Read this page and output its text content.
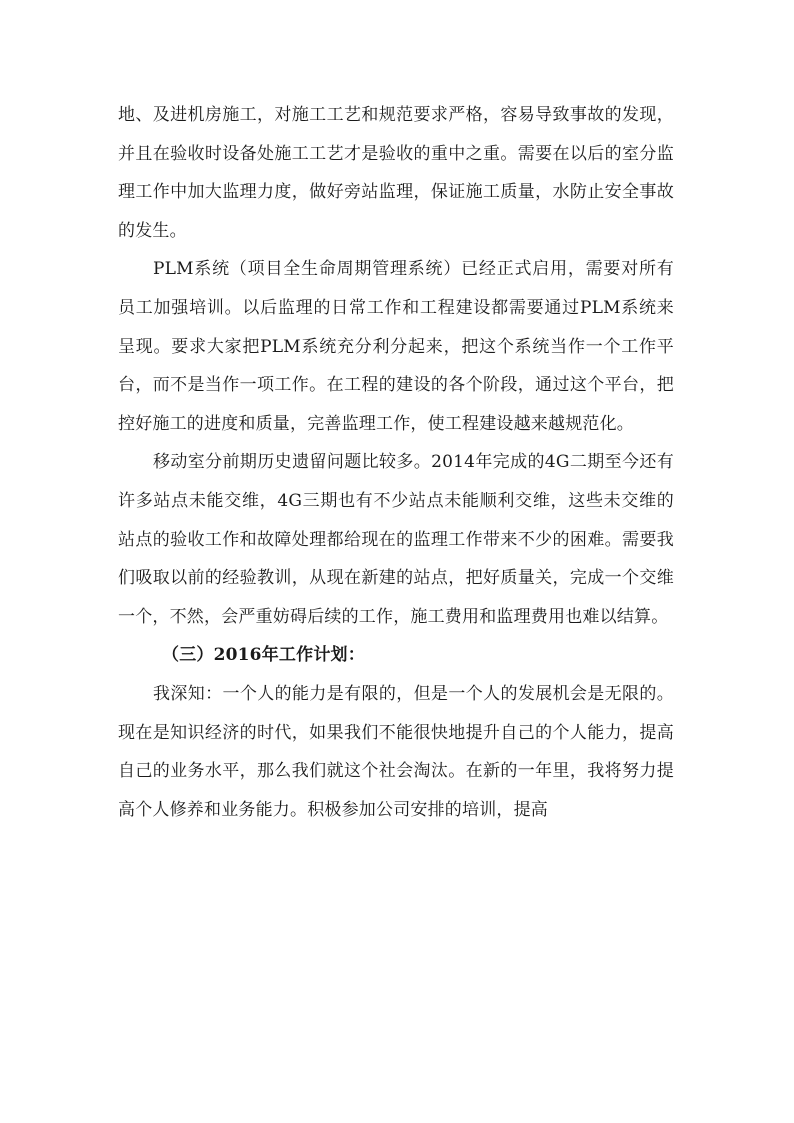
地、及进机房施工，对施工工艺和规范要求严格，容易导致事故的发现，并且在验收时设备处施工工艺才是验收的重中之重。需要在以后的室分监理工作中加大监理力度，做好旁站监理，保证施工质量，水防止安全事故的发生。

PLM系统（项目全生命周期管理系统）已经正式启用，需要对所有员工加强培训。以后监理的日常工作和工程建设都需要通过PLM系统来呈现。要求大家把PLM系统充分利分起来，把这个系统当作一个工作平台，而不是当作一项工作。在工程的建设的各个阶段，通过这个平台，把控好施工的进度和质量，完善监理工作，使工程建设越来越规范化。

移动室分前期历史遗留问题比较多。2014年完成的4G二期至今还有许多站点未能交维，4G三期也有不少站点未能顺利交维，这些未交维的站点的验收工作和故障处理都给现在的监理工作带来不少的困难。需要我们吸取以前的经验教训，从现在新建的站点，把好质量关，完成一个交维一个，不然，会严重妨碍后续的工作，施工费用和监理费用也难以结算。

（三）2016年工作计划：

我深知：一个人的能力是有限的，但是一个人的发展机会是无限的。现在是知识经济的时代，如果我们不能很快地提升自己的个人能力，提高自己的业务水平，那么我们就这个社会淘汰。在新的一年里，我将努力提高个人修养和业务能力。积极参加公司安排的培训，提高
